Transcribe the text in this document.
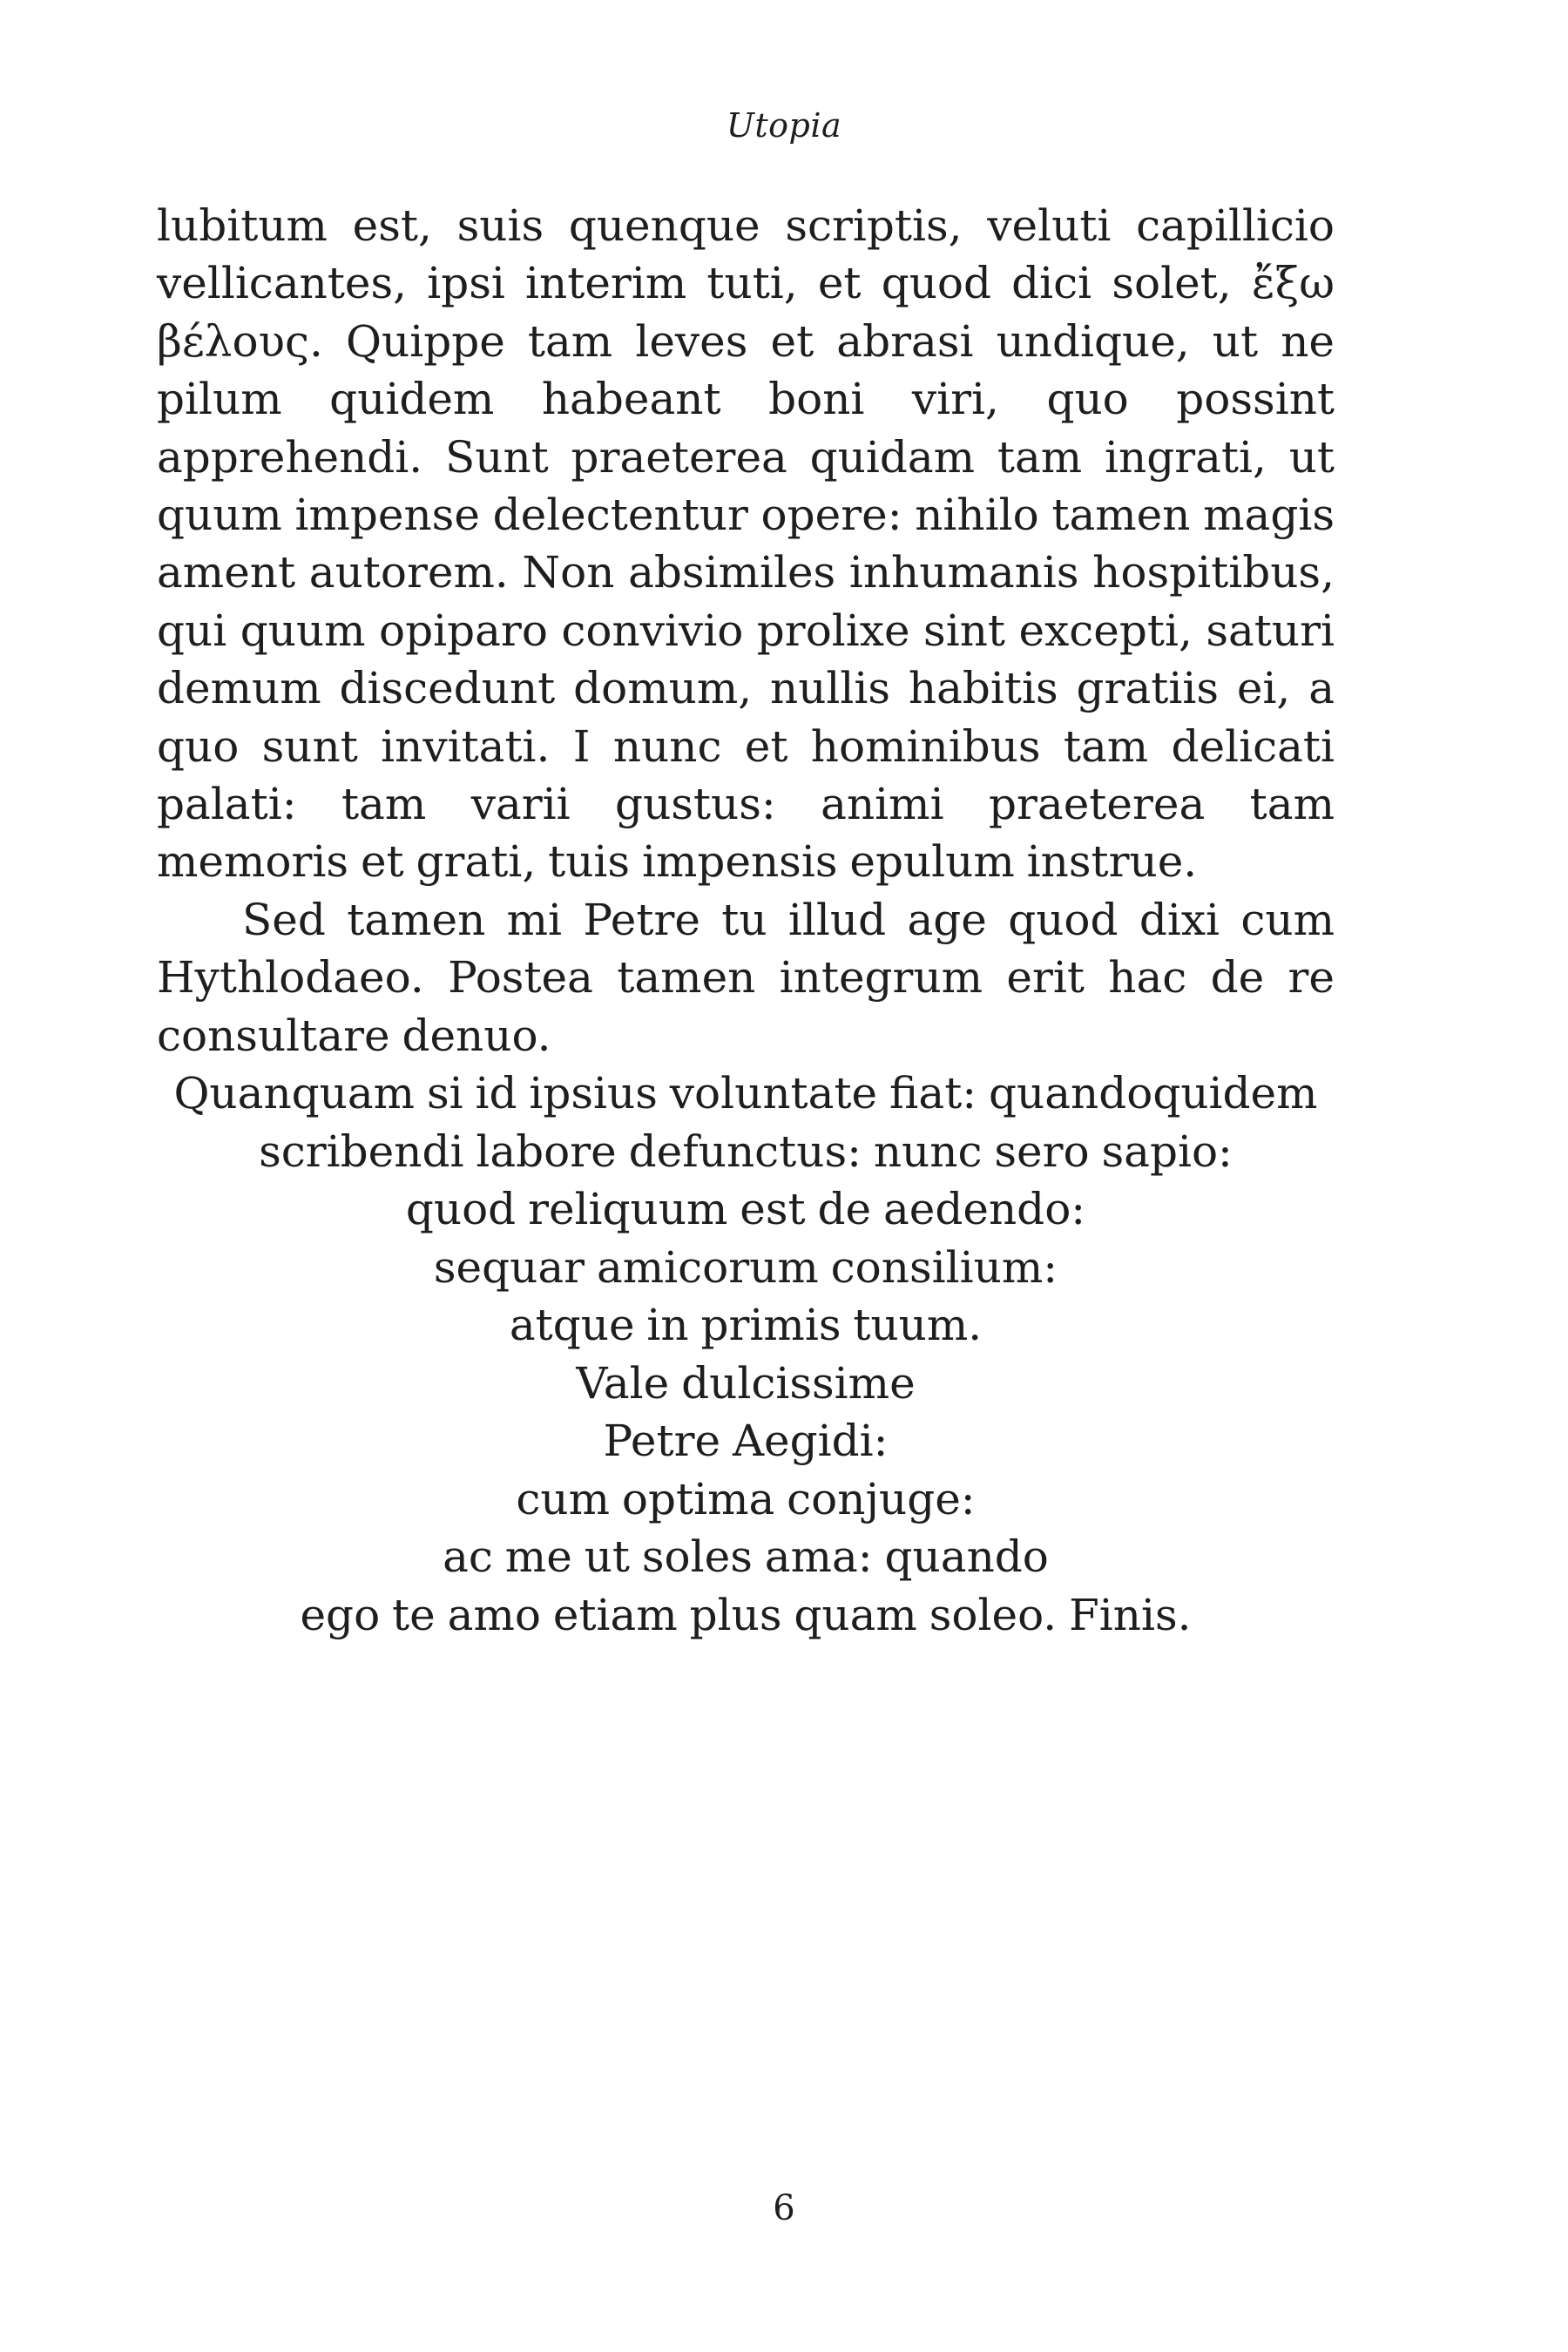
Utopia

lubitum est, suis quenque scriptis, veluti capillicio vellicantes, ipsi interim tuti, et quod dici solet, ἔξω βέλους. Quippe tam leves et abrasi undique, ut ne pilum quidem habeant boni viri, quo possint apprehendi. Sunt praeterea quidam tam ingrati, ut quum impense delectentur opere: nihilo tamen magis ament autorem. Non absimiles inhumanis hospitibus, qui quum opiparo convivio prolixe sint excepti, saturi demum discedunt domum, nullis habitis gratiis ei, a quo sunt invitati. I nunc et hominibus tam delicati palati: tam varii gustus: animi praeterea tam memoris et grati, tuis impensis epulum instrue.

Sed tamen mi Petre tu illud age quod dixi cum Hythlodaeo. Postea tamen integrum erit hac de re consultare denuo.

Quanquam si id ipsius voluntate fiat: quandoquidem
scribendi labore defunctus: nunc sero sapio:
quod reliquum est de aedendo:
sequar amicorum consilium:
atque in primis tuum.
Vale dulcissime
Petre Aegidi:
cum optima conjuge:
ac me ut soles ama: quando
ego te amo etiam plus quam soleo. Finis.
6
